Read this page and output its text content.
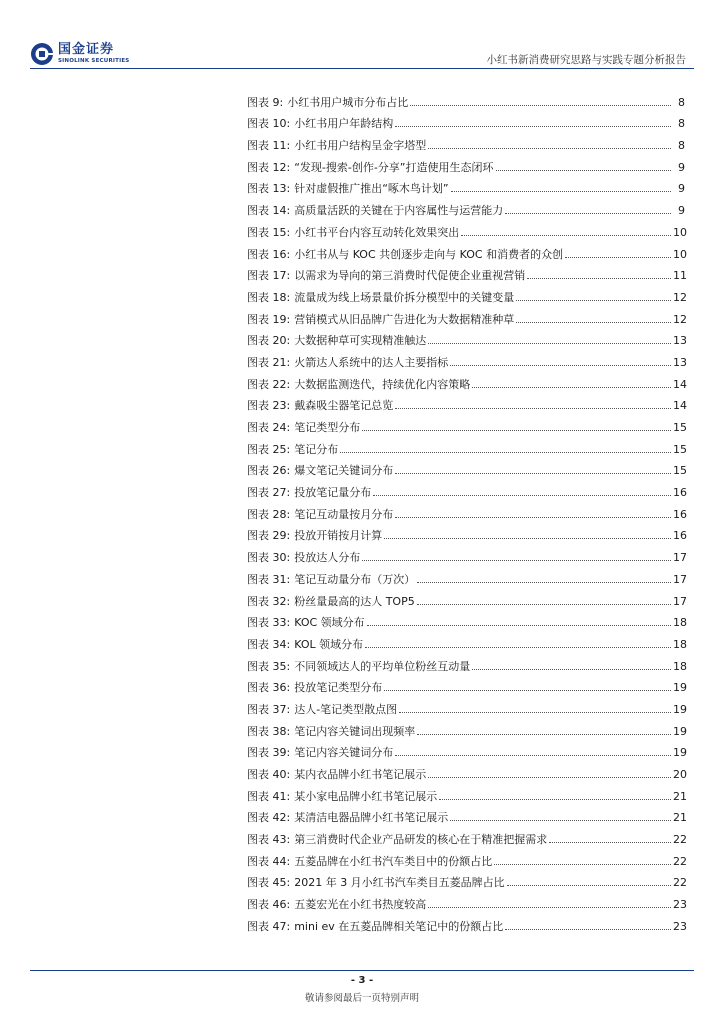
国金证券
SINOLINK SECURITIES	小红书新消费研究思路与实践专题分析报告
图表 9: 小红书用户城市分布占比	8
图表 10: 小红书用户年龄结构	8
图表 11: 小红书用户结构呈金字塔型	8
图表 12: “发现-搜索-创作-分享”打造使用生态闭环	9
图表 13: 针对虚假推广推出“啄木鸟计划”	9
图表 14: 高质量活跃的关键在于内容属性与运营能力	9
图表 15: 小红书平台内容互动转化效果突出	10
图表 16: 小红书从与 KOC 共创逐步走向与 KOC 和消费者的众创	10
图表 17: 以需求为导向的第三消费时代促使企业重视营销	11
图表 18: 流量成为线上场景量价拆分模型中的关键变量	12
图表 19: 营销模式从旧品牌广告进化为大数据精准种草	12
图表 20: 大数据种草可实现精准触达	13
图表 21: 火箭达人系统中的达人主要指标	13
图表 22: 大数据监测迭代，持续优化内容策略	14
图表 23: 戴森吸尘器笔记总览	14
图表 24: 笔记类型分布	15
图表 25: 笔记分布	15
图表 26: 爆文笔记关键词分布	15
图表 27: 投放笔记量分布	16
图表 28: 笔记互动量按月分布	16
图表 29: 投放开销按月计算	16
图表 30: 投放达人分布	17
图表 31: 笔记互动量分布（万次）	17
图表 32: 粉丝量最高的达人 TOP5	17
图表 33: KOC 领域分布	18
图表 34: KOL 领域分布	18
图表 35: 不同领域达人的平均单位粉丝互动量	18
图表 36: 投放笔记类型分布	19
图表 37: 达人-笔记类型散点图	19
图表 38: 笔记内容关键词出现频率	19
图表 39: 笔记内容关键词分布	19
图表 40: 某内衣品牌小红书笔记展示	20
图表 41: 某小家电品牌小红书笔记展示	21
图表 42: 某清洁电器品牌小红书笔记展示	21
图表 43: 第三消费时代企业产品研发的核心在于精准把握需求	22
图表 44: 五菱品牌在小红书汽车类目中的份额占比	22
图表 45: 2021 年 3 月小红书汽车类目五菱品牌占比	22
图表 46: 五菱宏光在小红书热度较高	23
图表 47: mini ev 在五菱品牌相关笔记中的份额占比	23
- 3 -
敬请参阅最后一页特别声明
